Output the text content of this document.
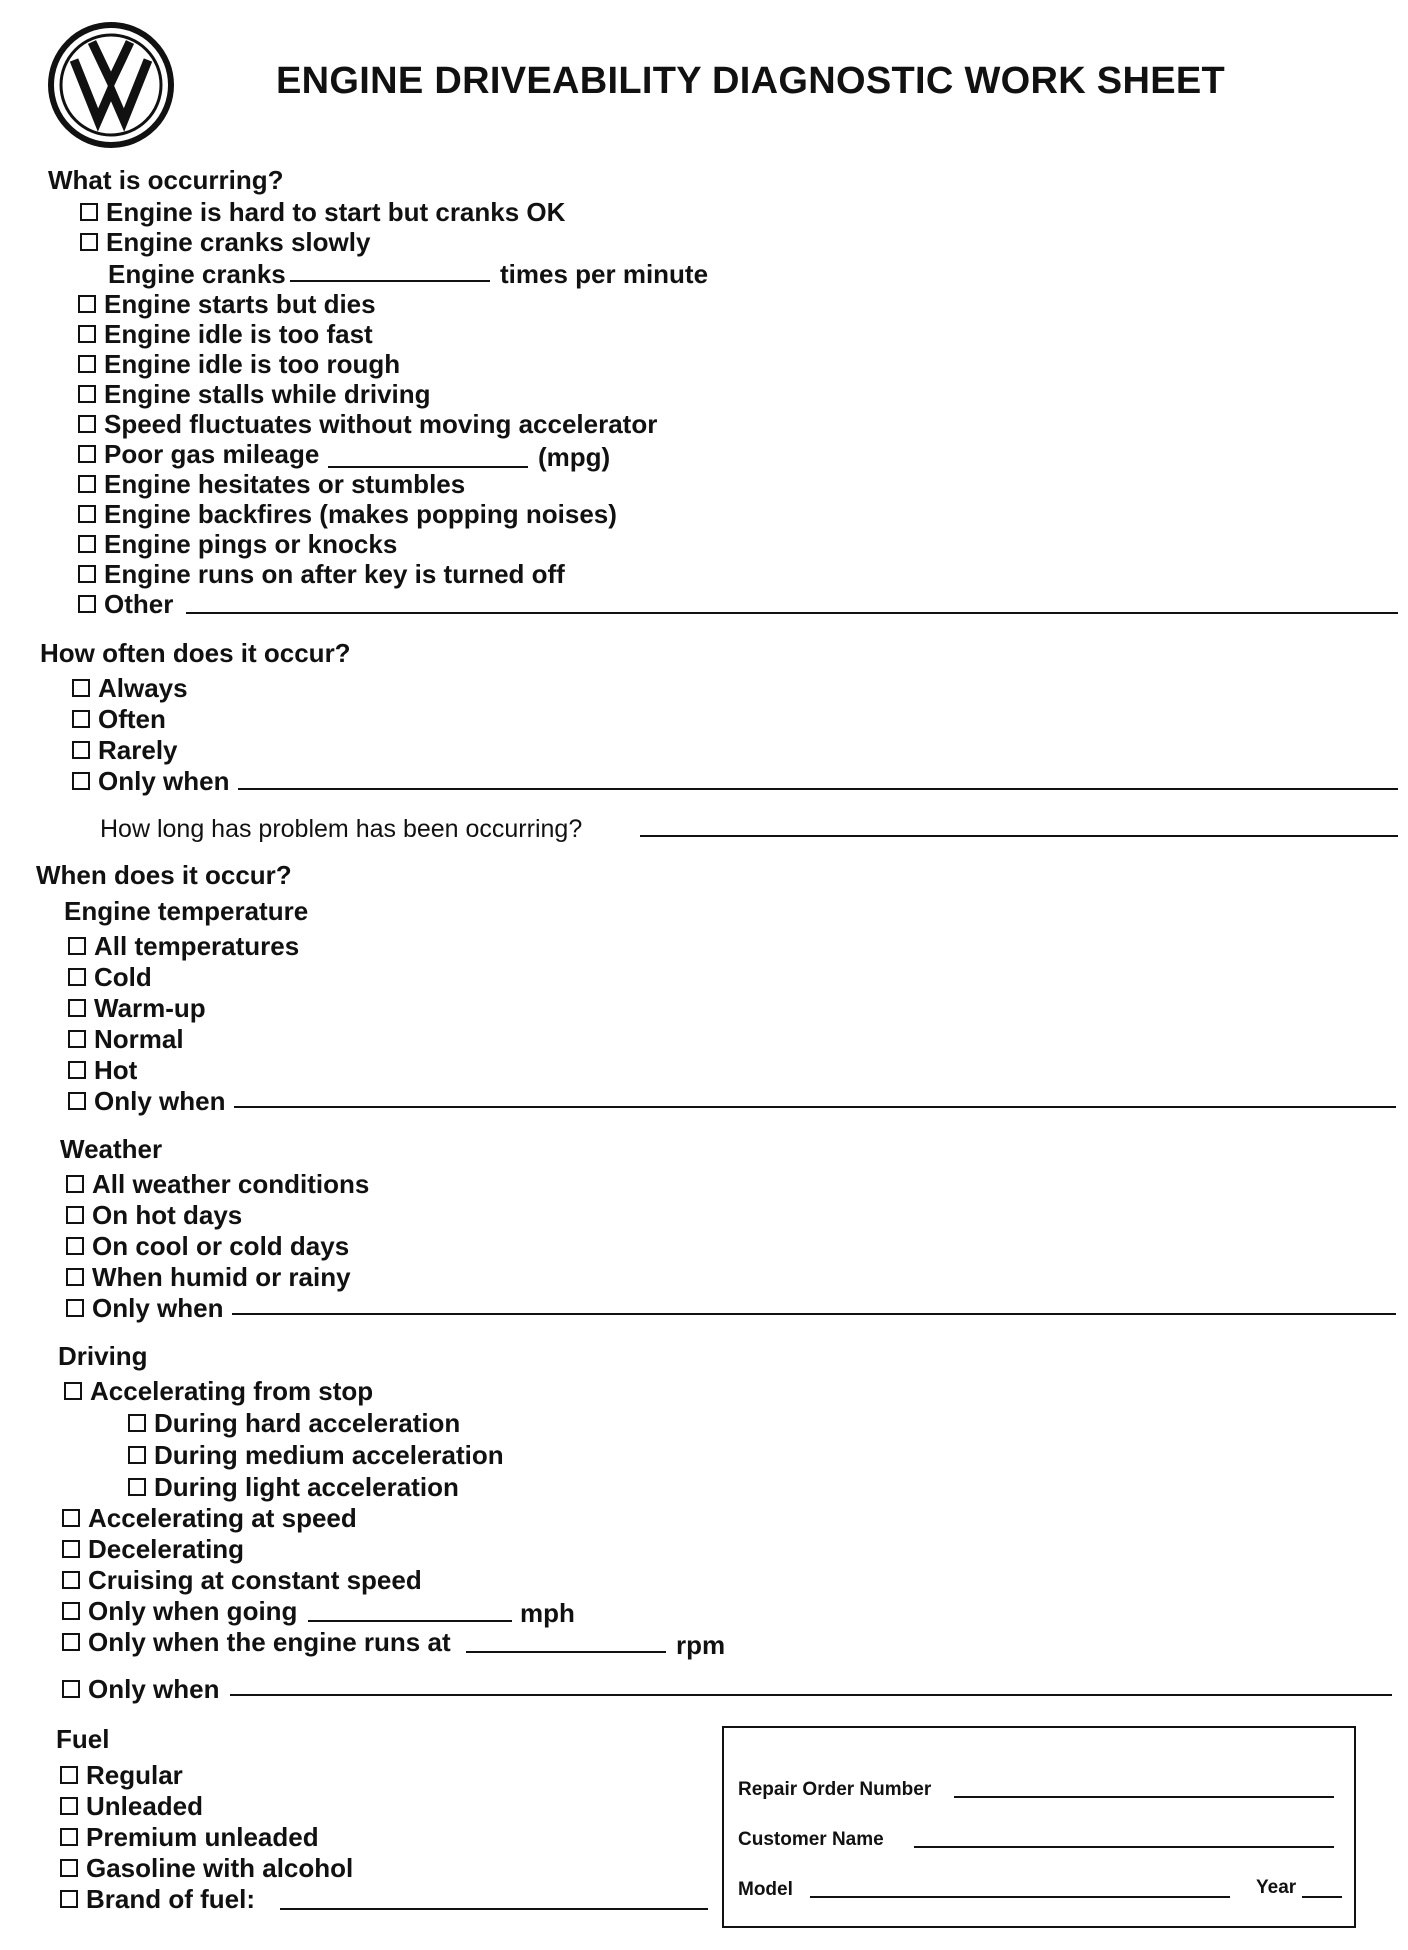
ENGINE DRIVEABILITY DIAGNOSTIC WORK SHEET
What is occurring?
Engine is hard to start but cranks OK
Engine cranks slowly
Engine cranks	times per minute
Engine starts but dies
Engine idle is too fast
Engine idle is too rough
Engine stalls while driving
Speed fluctuates without moving accelerator
Poor gas mileage	(mpg)
Engine hesitates or stumbles
Engine backfires (makes popping noises)
Engine pings or knocks
Engine runs on after key is turned off
Other
How often does it occur?
Always
Often
Rarely
Only when
How long has problem has been occurring?
When does it occur?
Engine temperature
All temperatures
Cold
Warm-up
Normal
Hot
Only when
Weather
All weather conditions
On hot days
On cool or cold days
When humid or rainy
Only when
Driving
Accelerating from stop
During hard acceleration
During medium acceleration
During light acceleration
Accelerating at speed
Decelerating
Cruising at constant speed
Only when going	mph
Only when the engine runs at	rpm
Only when
Fuel
Regular
Unleaded
Premium unleaded
Gasoline with alcohol
Brand of fuel:
Repair Order Number
Customer Name
Model	Year
